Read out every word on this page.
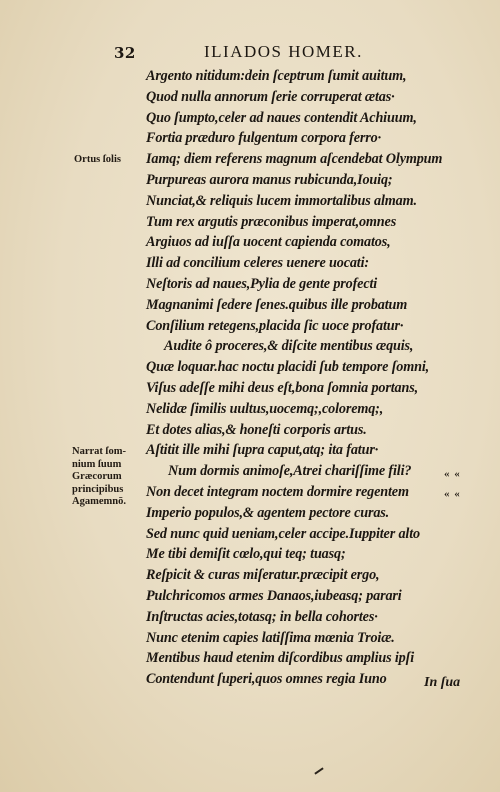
32	ILIADOS HOMER.
Ortus ſolis
Narrat ſom-
nium ſuum
Græcorum
principibus
Agamemnō.
Argento nitidum:dein ſceptrum ſumit auitum,
Quod nulla annorum ſerie corruperat ætas·
Quo ſumpto,celer ad naues contendit Achiuum,
Fortia præduro fulgentum corpora ferro·
Iamq; diem referens magnum aſcendebat Olympum
Purpureas aurora manus rubicunda,Iouiq;
Nunciat,& reliquis lucem immortalibus almam.
Tum rex argutis præconibus imperat,omnes
Argiuos ad iuſſa uocent capienda comatos,
Illi ad concilium celeres uenere uocati:
Neſtoris ad naues,Pylia de gente profecti
Magnanimi ſedere ſenes.quibus ille probatum
Conſilium retegens,placida ſic uoce profatur·
Audite ô proceres,& diſcite mentibus æquis,
Quæ loquar.hac noctu placidi ſub tempore ſomni,
Viſus adeſſe mihi deus eſt,bona ſomnia portans,
Nelidæ ſimilis uultus,uocemq;,coloremq;,
Et dotes alias,& honeſti corporis artus.
Aſtitit ille mihi ſupra caput,atq; ita fatur·
Num dormis animoſe,Atrei chariſſime fili?
Non decet integram noctem dormire regentem
Imperio populos,& agentem pectore curas.
Sed nunc quid ueniam,celer accipe.Iuppiter alto
Me tibi demiſit cœlo,qui teq; tuasq;
Reſpicit & curas miſeratur.præcipit ergo,
Pulchricomos armes Danaos,iubeasq; parari
Inſtructas acies,totasq; in bella cohortes·
Nunc etenim capies latiſſima mœnia Troiæ.
Mentibus haud etenim diſcordibus amplius ipſi
Contendunt ſuperi,quos omnes regia Iuno
« «
« «
In ſua
